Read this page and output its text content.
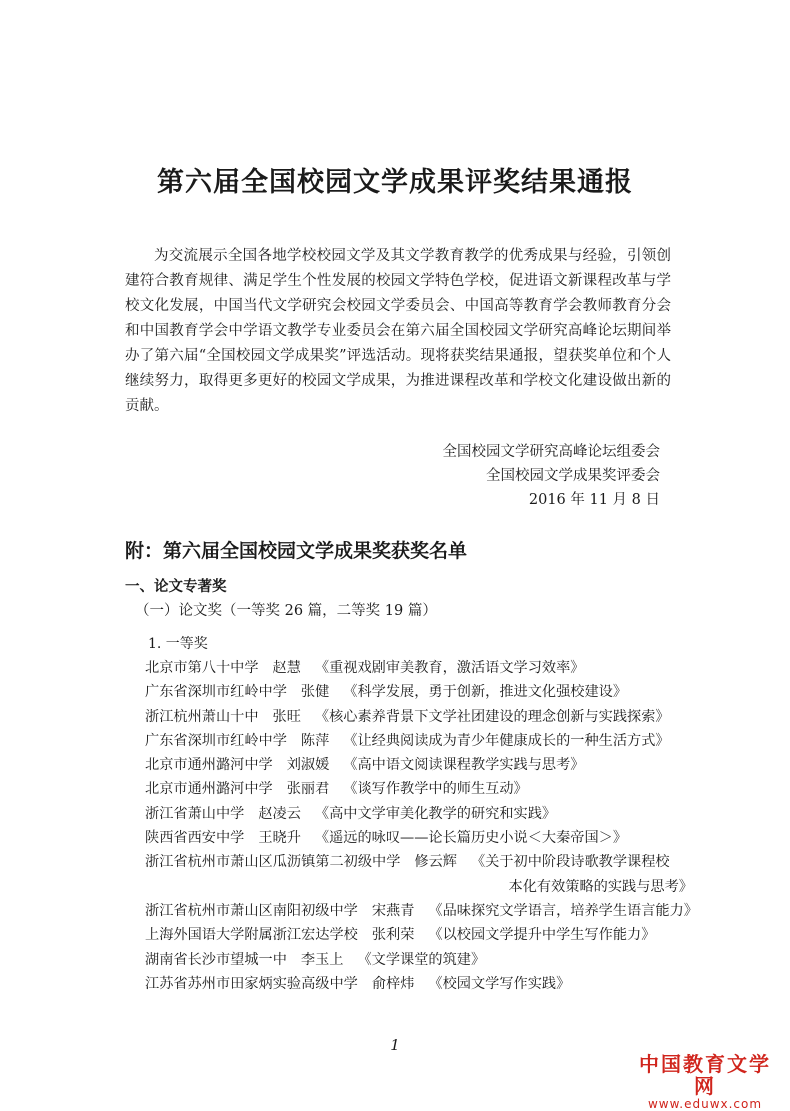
第六届全国校园文学成果评奖结果通报

为交流展示全国各地学校校园文学及其文学教育教学的优秀成果与经验，引领创建符合教育规律、满足学生个性发展的校园文学特色学校，促进语文新课程改革与学校文化发展，中国当代文学研究会校园文学委员会、中国高等教育学会教师教育分会和中国教育学会中学语文教学专业委员会在第六届全国校园文学研究高峰论坛期间举办了第六届“全国校园文学成果奖”评选活动。现将获奖结果通报，望获奖单位和个人继续努力，取得更多更好的校园文学成果，为推进课程改革和学校文化建设做出新的贡献。

全国校园文学研究高峰论坛组委会
全国校园文学成果奖评委会
2016 年 11 月 8 日
附：第六届全国校园文学成果奖获奖名单
一、论文专著奖
（一）论文奖（一等奖 26 篇，二等奖 19 篇）
1. 一等奖
北京市第八十中学 赵慧 《重视戏剧审美教育，激活语文学习效率》
广东省深圳市红岭中学 张健 《科学发展，勇于创新，推进文化强校建设》
浙江杭州萧山十中 张旺 《核心素养背景下文学社团建设的理念创新与实践探索》
广东省深圳市红岭中学 陈萍 《让经典阅读成为青少年健康成长的一种生活方式》
北京市通州潞河中学 刘淑媛 《高中语文阅读课程教学实践与思考》
北京市通州潞河中学 张丽君 《谈写作教学中的师生互动》
浙江省萧山中学 赵凌云 《高中文学审美化教学的研究和实践》
陕西省西安中学 王晓升 《遥远的咏叹——论长篇历史小说＜大秦帝国＞》
浙江省杭州市萧山区瓜沥镇第二初级中学 修云辉 《关于初中阶段诗歌教学课程校
本化有效策略的实践与思考》
浙江省杭州市萧山区南阳初级中学 宋燕青 《品味探究文学语言，培养学生语言能力》
上海外国语大学附属浙江宏达学校 张利荣 《以校园文学提升中学生写作能力》
湖南省长沙市望城一中 李玉上 《文学课堂的筑建》
江苏省苏州市田家炳实验高级中学 俞梓炜 《校园文学写作实践》
1
中国教育文学网
www.eduwx.com
